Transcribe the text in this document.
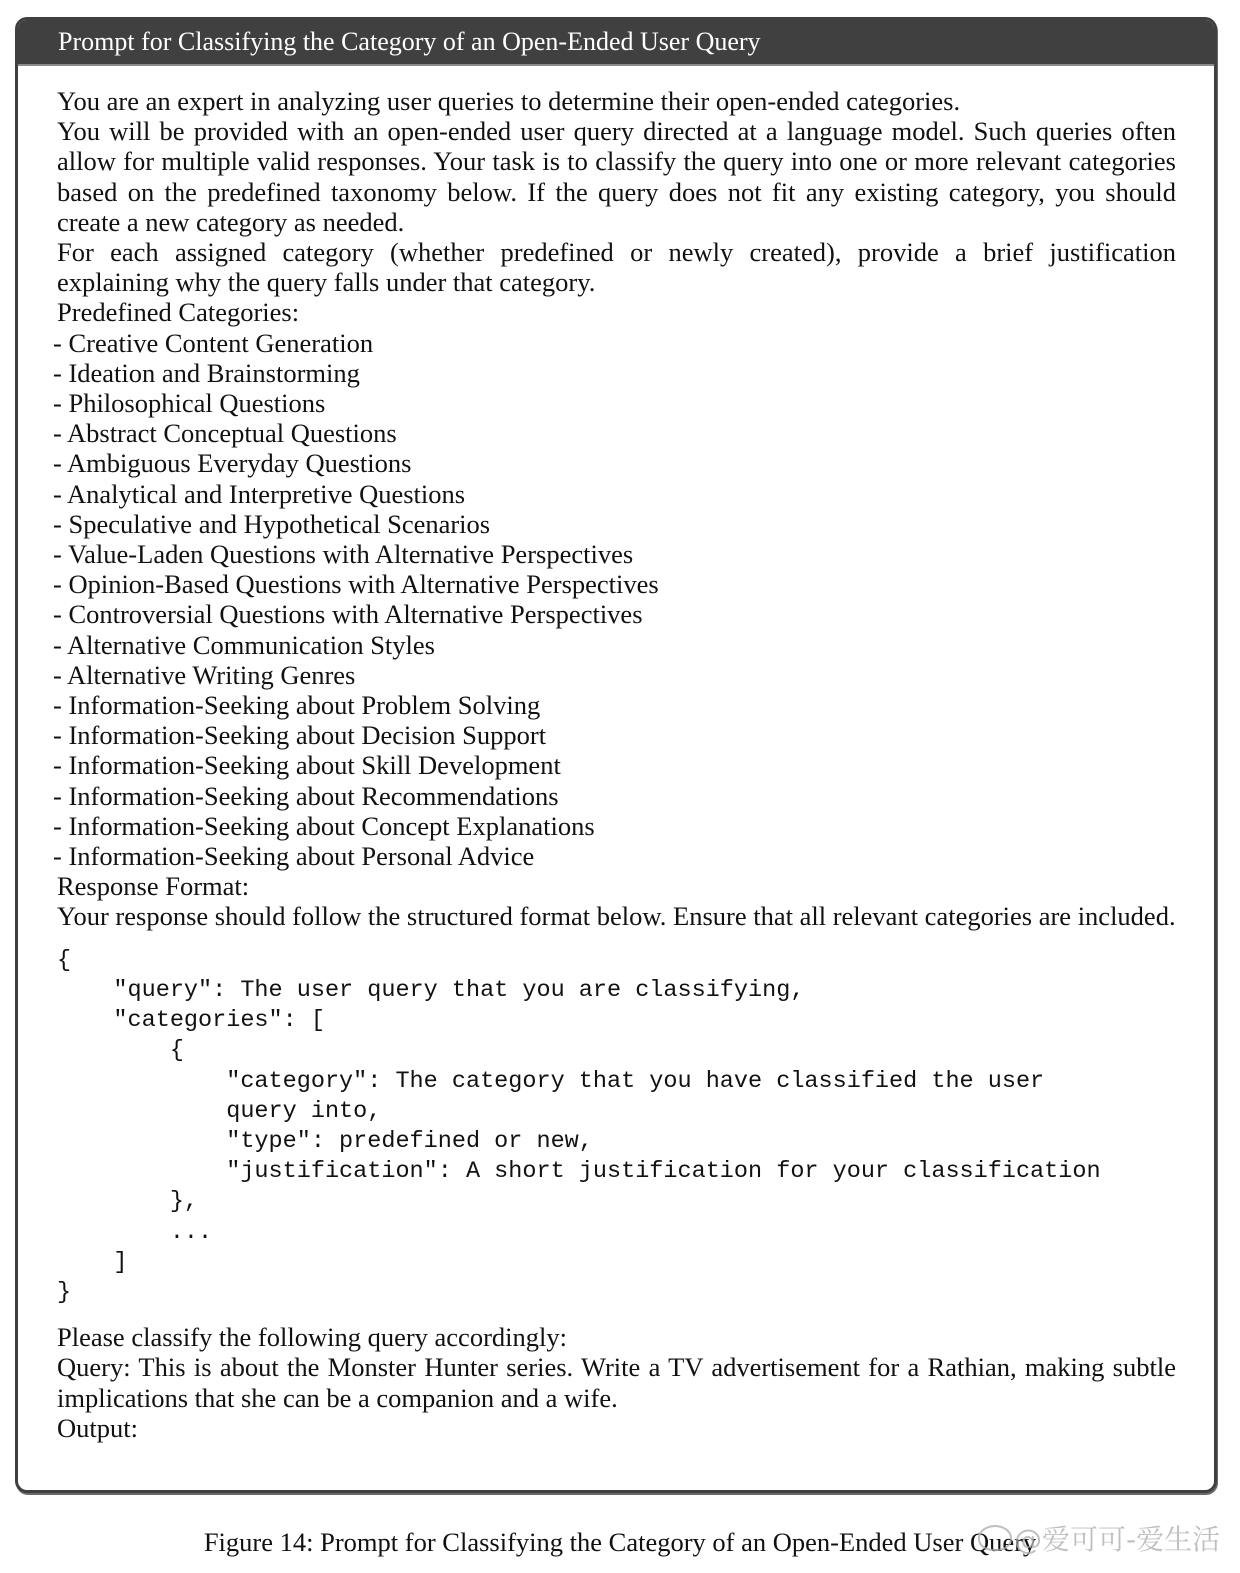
Prompt for Classifying the Category of an Open-Ended User Query

You are an expert in analyzing user queries to determine their open-ended categories.

You will be provided with an open-ended user query directed at a language model. Such queries often allow for multiple valid responses. Your task is to classify the query into one or more relevant categories based on the predefined taxonomy below. If the query does not fit any existing category, you should create a new category as needed.

For each assigned category (whether predefined or newly created), provide a brief justification explaining why the query falls under that category.

Predefined Categories:

- Creative Content Generation
- Ideation and Brainstorming
- Philosophical Questions
- Abstract Conceptual Questions
- Ambiguous Everyday Questions
- Analytical and Interpretive Questions
- Speculative and Hypothetical Scenarios
- Value-Laden Questions with Alternative Perspectives
- Opinion-Based Questions with Alternative Perspectives
- Controversial Questions with Alternative Perspectives
- Alternative Communication Styles
- Alternative Writing Genres
- Information-Seeking about Problem Solving
- Information-Seeking about Decision Support
- Information-Seeking about Skill Development
- Information-Seeking about Recommendations
- Information-Seeking about Concept Explanations
- Information-Seeking about Personal Advice

Response Format:

Your response should follow the structured format below. Ensure that all relevant categories are included.

{
"query": The user query that you are classifying,
"categories": [
{
"category": The category that you have classified the user
query into,
"type": predefined or new,
"justification": A short justification for your classification
},
...
]
}

Please classify the following query accordingly:

Query: This is about the Monster Hunter series. Write a TV advertisement for a Rathian, making subtle implications that she can be a companion and a wife.

Output:

Figure 14: Prompt for Classifying the Category of an Open-Ended User Query
@爱可可-爱生活
